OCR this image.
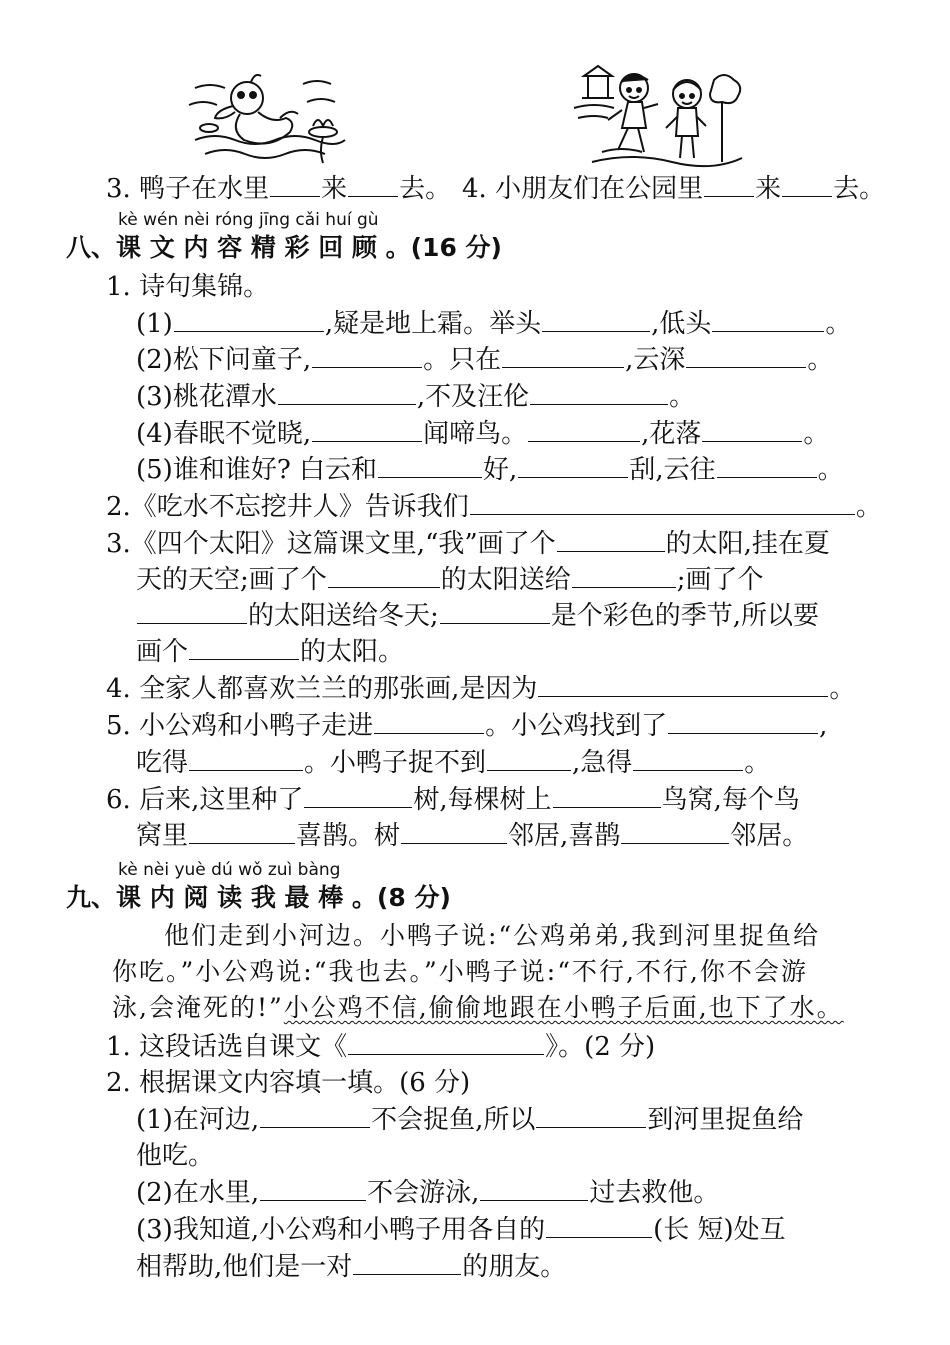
3. 鸭子在水里 来 去。 4. 小朋友们在公园里 来 去。
kè wén nèi róng jīng cǎi huí gù
八、课 文 内 容 精 彩 回 顾 。(16 分)
1. 诗句集锦。
(1)	,疑是地上霜。举头	,低头	。
(2)松下问童子,	。只在	,云深	。
(3)桃花潭水	,不及汪伦	。
(4)春眠不觉晓,	闻啼鸟。	,花落	。
(5)谁和谁好? 白云和	好,	刮,云往	。
2.《吃水不忘挖井人》告诉我们	。
3.《四个太阳》这篇课文里,“我”画了个	的太阳,挂在夏
天的天空;画了个	的太阳送给	;画了个
的太阳送给冬天;	是个彩色的季节,所以要
画个	的太阳。
4. 全家人都喜欢兰兰的那张画,是因为	。
5. 小公鸡和小鸭子走进	。小公鸡找到了	,
吃得	。小鸭子捉不到	,急得	。
6. 后来,这里种了	树,每棵树上	鸟窝,每个鸟
窝里	喜鹊。树	邻居,喜鹊	邻居。
kè nèi yuè dú wǒ zuì bàng
九、课 内 阅 读 我 最 棒 。(8 分)
他们走到小河边。小鸭子说:“公鸡弟弟,我到河里捉鱼给
你吃。”小公鸡说:“我也去。”小鸭子说:“不行,不行,你不会游
泳,会淹死的!”小公鸡不信,偷偷地跟在小鸭子后面,也下了水。
1. 这段话选自课文《	》。(2 分)
2. 根据课文内容填一填。(6 分)
(1)在河边,	不会捉鱼,所以	到河里捉鱼给
他吃。
(2)在水里,	不会游泳,	过去救他。
(3)我知道,小公鸡和小鸭子用各自的	(长 短)处互
相帮助,他们是一对	的朋友。
